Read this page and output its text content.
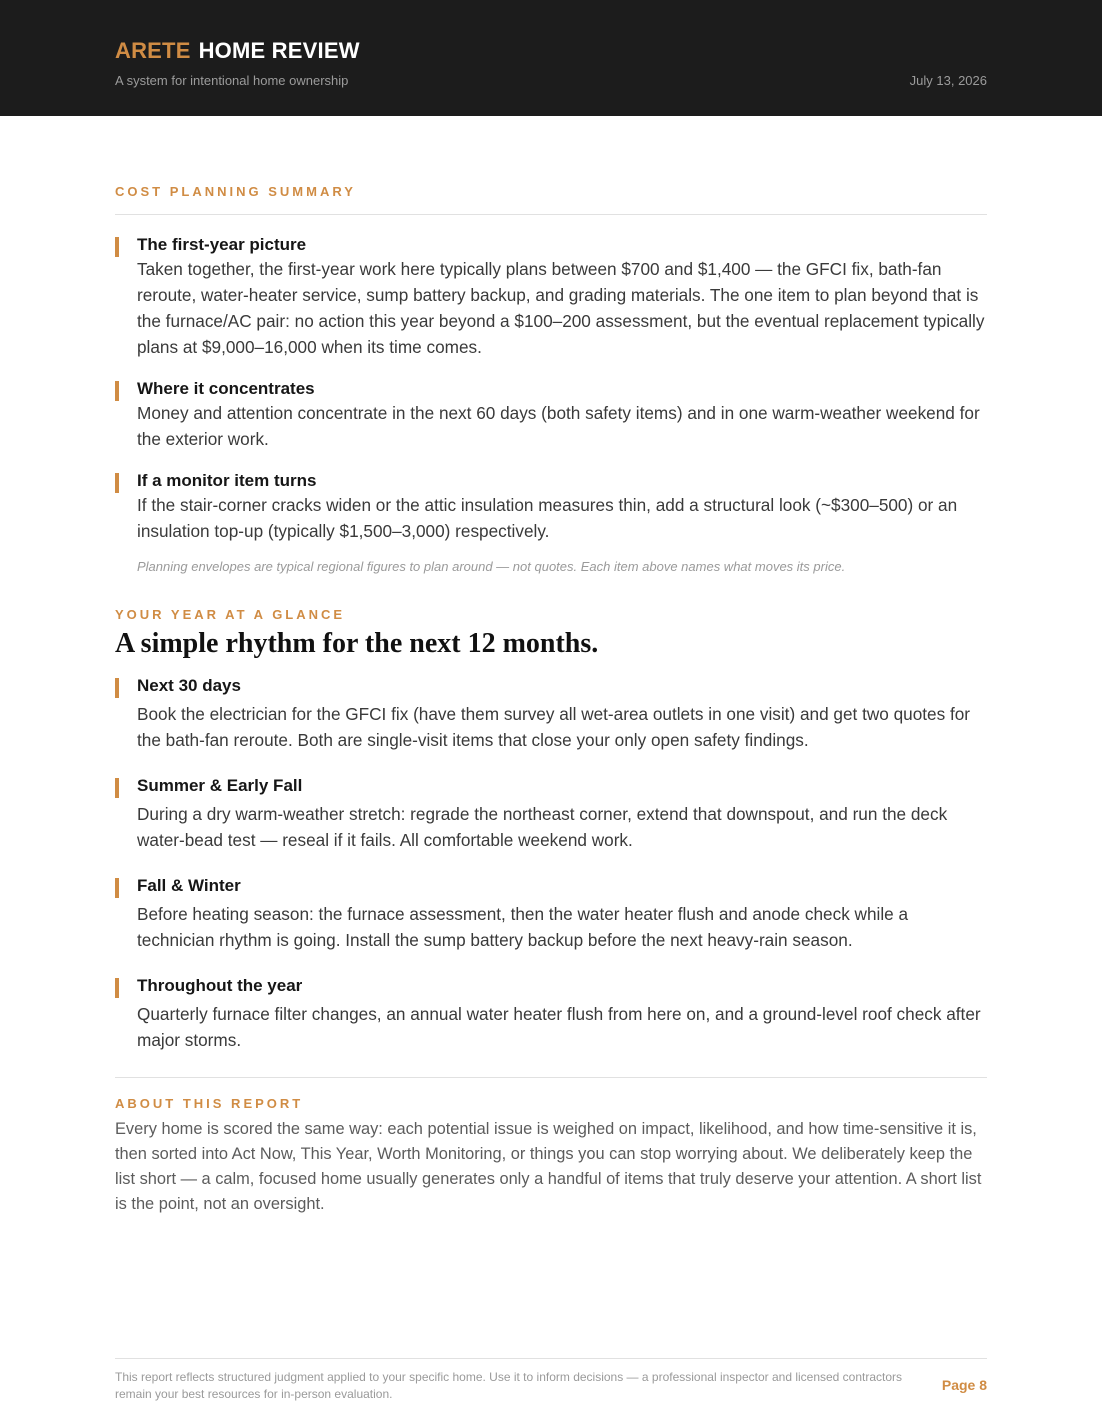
ARETE HOME REVIEW
A system for intentional home ownership	July 13, 2026
COST PLANNING SUMMARY
The first-year picture
Taken together, the first-year work here typically plans between $700 and $1,400 — the GFCI fix, bath-fan reroute, water-heater service, sump battery backup, and grading materials. The one item to plan beyond that is the furnace/AC pair: no action this year beyond a $100–200 assessment, but the eventual replacement typically plans at $9,000–16,000 when its time comes.
Where it concentrates
Money and attention concentrate in the next 60 days (both safety items) and in one warm-weather weekend for the exterior work.
If a monitor item turns
If the stair-corner cracks widen or the attic insulation measures thin, add a structural look (~$300–500) or an insulation top-up (typically $1,500–3,000) respectively.
Planning envelopes are typical regional figures to plan around — not quotes. Each item above names what moves its price.
YOUR YEAR AT A GLANCE
A simple rhythm for the next 12 months.
Next 30 days
Book the electrician for the GFCI fix (have them survey all wet-area outlets in one visit) and get two quotes for the bath-fan reroute. Both are single-visit items that close your only open safety findings.
Summer & Early Fall
During a dry warm-weather stretch: regrade the northeast corner, extend that downspout, and run the deck water-bead test — reseal if it fails. All comfortable weekend work.
Fall & Winter
Before heating season: the furnace assessment, then the water heater flush and anode check while a technician rhythm is going. Install the sump battery backup before the next heavy-rain season.
Throughout the year
Quarterly furnace filter changes, an annual water heater flush from here on, and a ground-level roof check after major storms.
ABOUT THIS REPORT
Every home is scored the same way: each potential issue is weighed on impact, likelihood, and how time-sensitive it is, then sorted into Act Now, This Year, Worth Monitoring, or things you can stop worrying about. We deliberately keep the list short — a calm, focused home usually generates only a handful of items that truly deserve your attention. A short list is the point, not an oversight.
This report reflects structured judgment applied to your specific home. Use it to inform decisions — a professional inspector and licensed contractors remain your best resources for in-person evaluation.
Page 8
